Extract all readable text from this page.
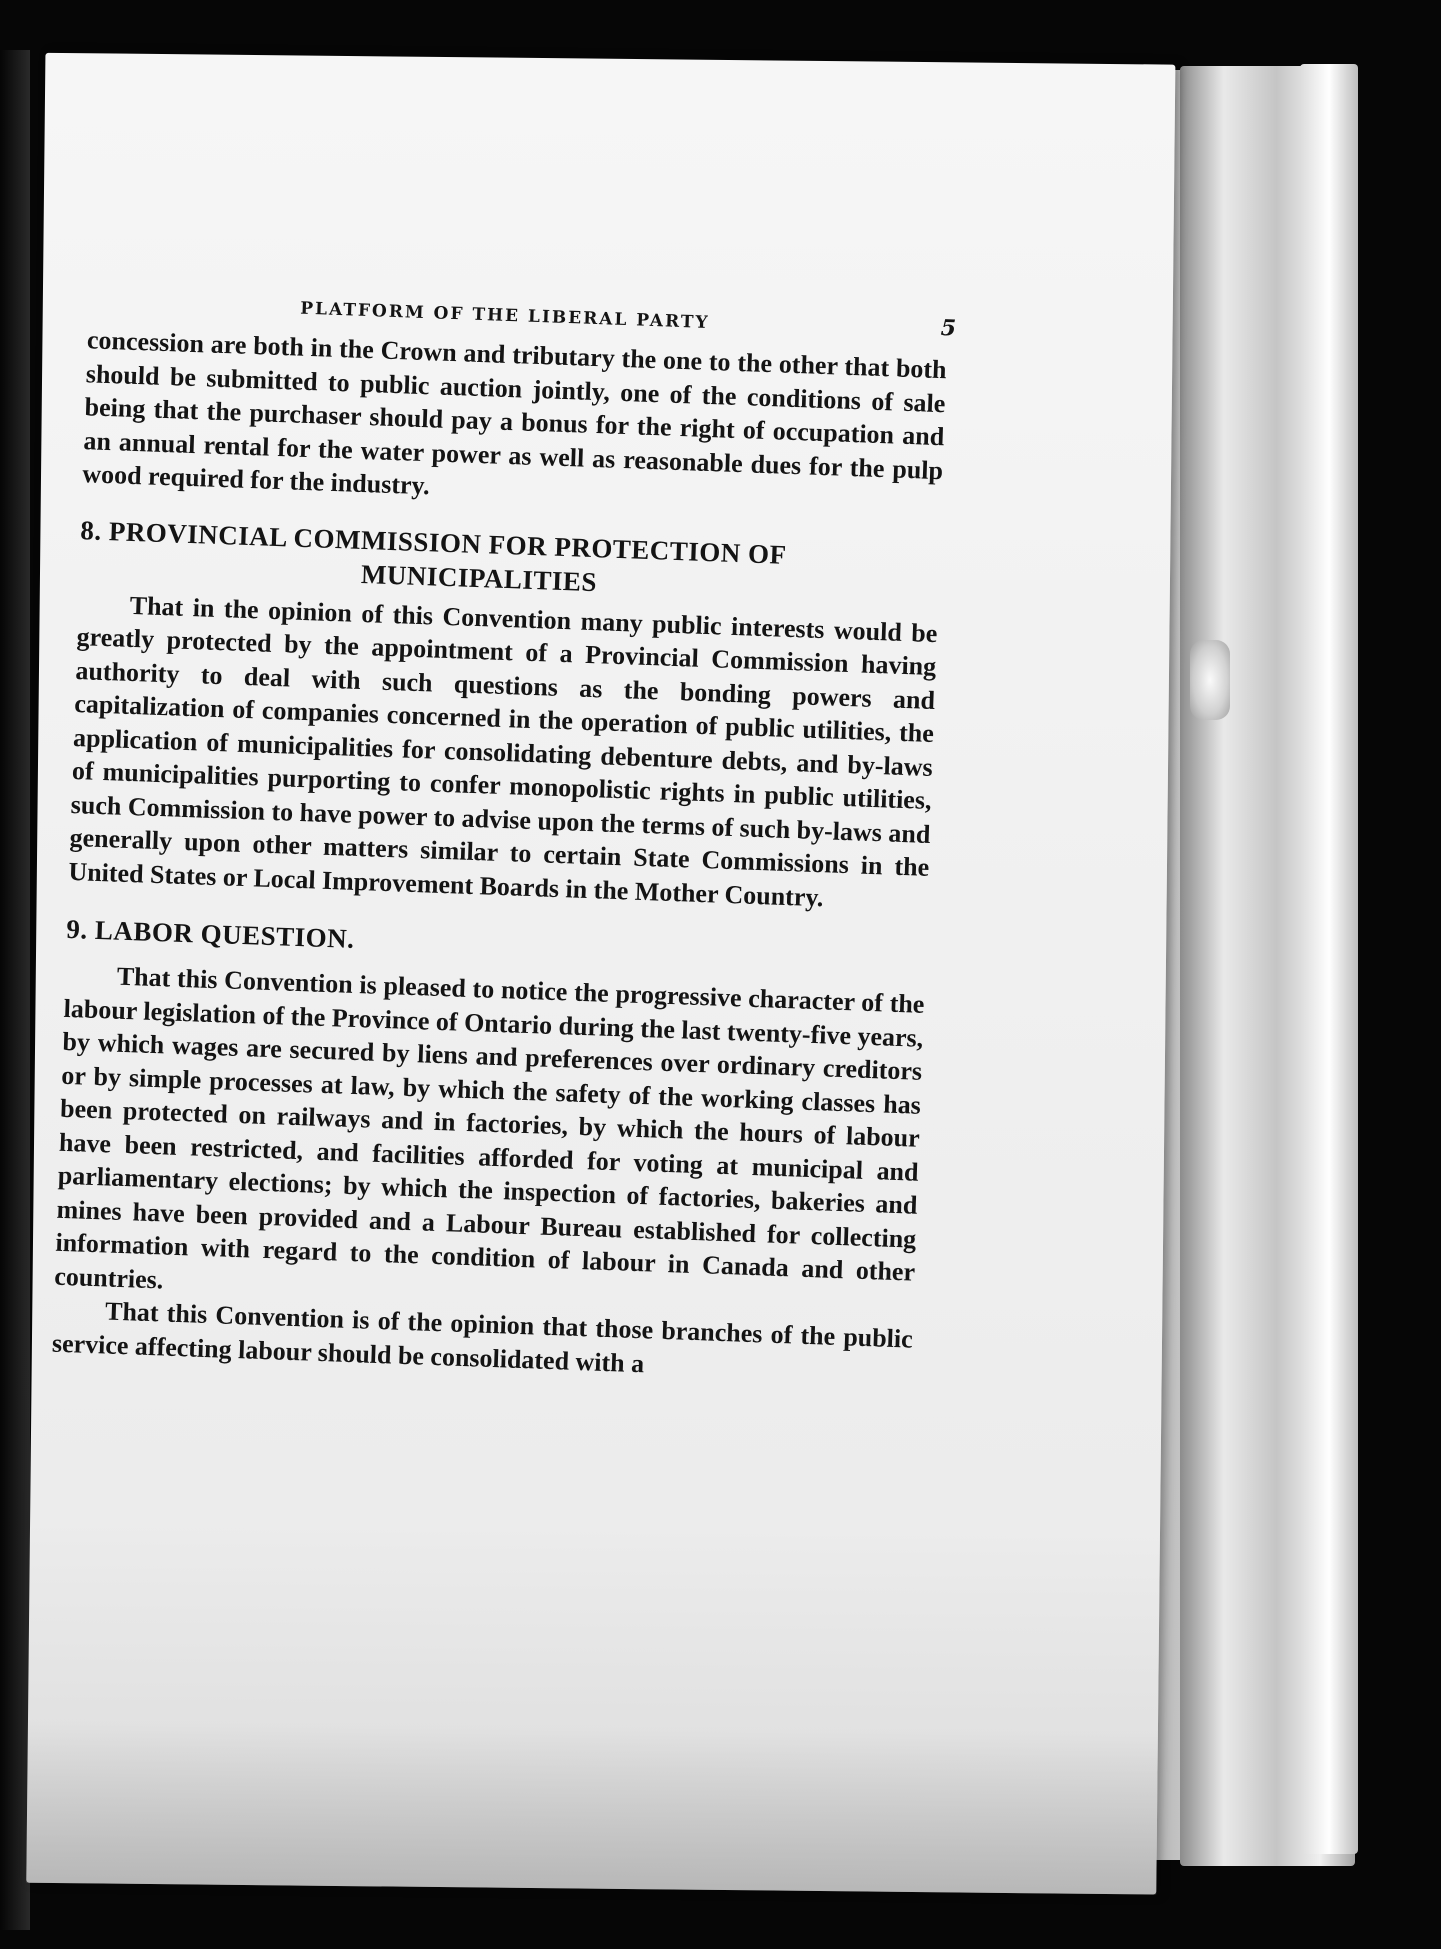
PLATFORM OF THE LIBERAL PARTY	5

concession are both in the Crown and tributary the one to the other that both should be submitted to public auction jointly, one of the conditions of sale being that the purchaser should pay a bonus for the right of occupation and an annual rental for the water power as well as reasonable dues for the pulp wood required for the industry.

8. PROVINCIAL COMMISSION FOR PROTECTION OF
MUNICIPALITIES

That in the opinion of this Convention many public interests would be greatly protected by the appointment of a Provincial Commission having authority to deal with such questions as the bonding powers and capitalization of companies concerned in the operation of public utilities, the application of municipalities for consolidating debenture debts, and by-laws of municipalities purporting to confer monopolistic rights in public utilities, such Commission to have power to advise upon the terms of such by-laws and generally upon other matters similar to certain State Commissions in the United States or Local Improvement Boards in the Mother Country.

9. LABOR QUESTION.

That this Convention is pleased to notice the progressive character of the labour legislation of the Province of Ontario during the last twenty-five years, by which wages are secured by liens and preferences over ordinary creditors or by simple processes at law, by which the safety of the working classes has been protected on railways and in factories, by which the hours of labour have been restricted, and facilities afforded for voting at municipal and parliamentary elections; by which the inspection of factories, bakeries and mines have been provided and a Labour Bureau established for collecting information with regard to the condition of labour in Canada and other countries.

That this Convention is of the opinion that those branches of the public service affecting labour should be consolidated with a
